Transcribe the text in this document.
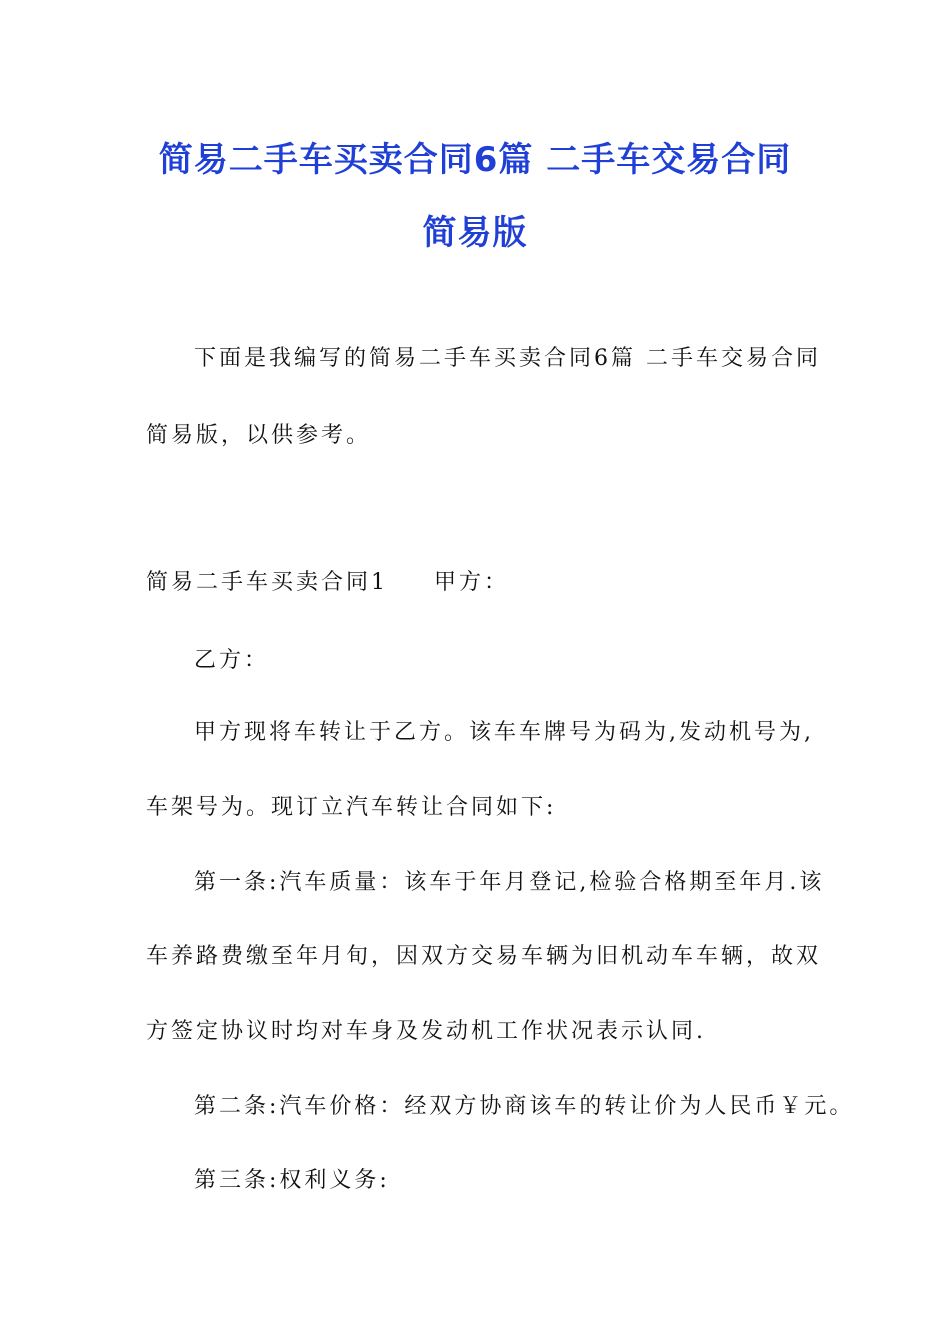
简易二手车买卖合同6篇 二手车交易合同
简易版

下面是我编写的简易二手车买卖合同6篇 二手车交易合同

简易版，以供参考。

简易二手车买卖合同1 甲方：

乙方：

甲方现将车转让于乙方。该车车牌号为码为,发动机号为,

车架号为。现订立汽车转让合同如下:

第一条:汽车质量：该车于年月登记,检验合格期至年月.该

车养路费缴至年月旬，因双方交易车辆为旧机动车车辆，故双

方签定协议时均对车身及发动机工作状况表示认同.

第二条:汽车价格：经双方协商该车的转让价为人民币￥元。

第三条:权利义务:
